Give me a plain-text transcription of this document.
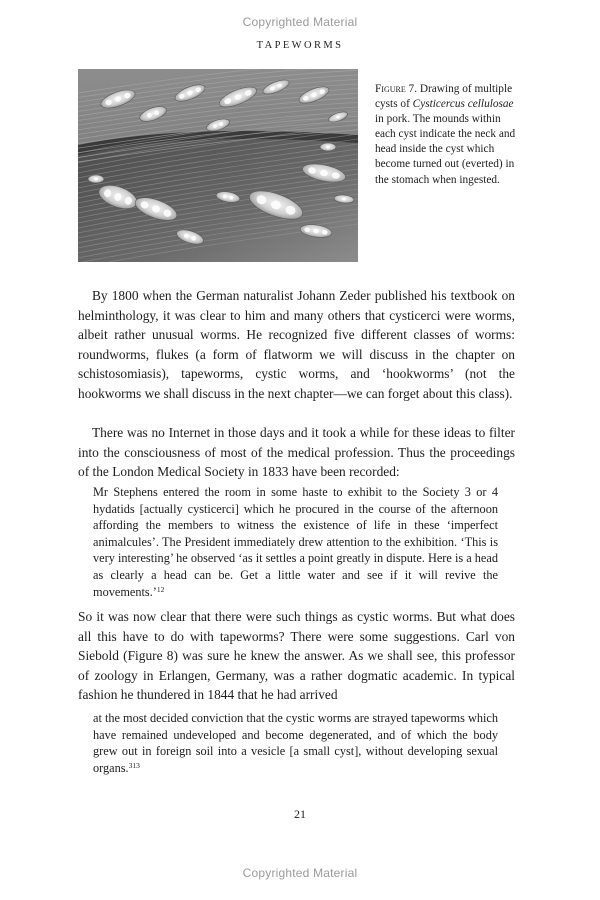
Copyrighted Material
TAPEWORMS
Figure 7. Drawing of multiple cysts of Cysticercus cellulosae in pork. The mounds within each cyst indicate the neck and head inside the cyst which become turned out (everted) in the stomach when ingested.

By 1800 when the German naturalist Johann Zeder published his textbook on helminthology, it was clear to him and many others that cysticerci were worms, albeit rather unusual worms. He recognized five different classes of worms: roundworms, flukes (a form of flatworm we will discuss in the chapter on schistosomiasis), tapeworms, cystic worms, and ‘hookworms’ (not the hookworms we shall discuss in the next chapter—we can forget about this class).

There was no Internet in those days and it took a while for these ideas to filter into the consciousness of most of the medical profession. Thus the proceedings of the London Medical Society in 1833 have been recorded:

Mr Stephens entered the room in some haste to exhibit to the Society 3 or 4 hydatids [actually cysticerci] which he procured in the course of the afternoon affording the members to witness the existence of life in these ‘imperfect animalcules’. The President immediately drew attention to the exhibition. ‘This is very interesting’ he observed ‘as it settles a point greatly in dispute. Here is a head as clearly a head can be. Get a little water and see if it will revive the movements.’$^{12}$

So it was now clear that there were such things as cystic worms. But what does all this have to do with tapeworms? There were some suggestions. Carl von Siebold (Figure 8) was sure he knew the answer. As we shall see, this professor of zoology in Erlangen, Germany, was a rather dogmatic academic. In typical fashion he thundered in 1844 that he had arrived

at the most decided conviction that the cystic worms are strayed tapeworms which have remained undeveloped and become degenerated, and of which the body grew out in foreign soil into a vesicle [a small cyst], without developing sexual organs.$^{313}$

21
Copyrighted Material
